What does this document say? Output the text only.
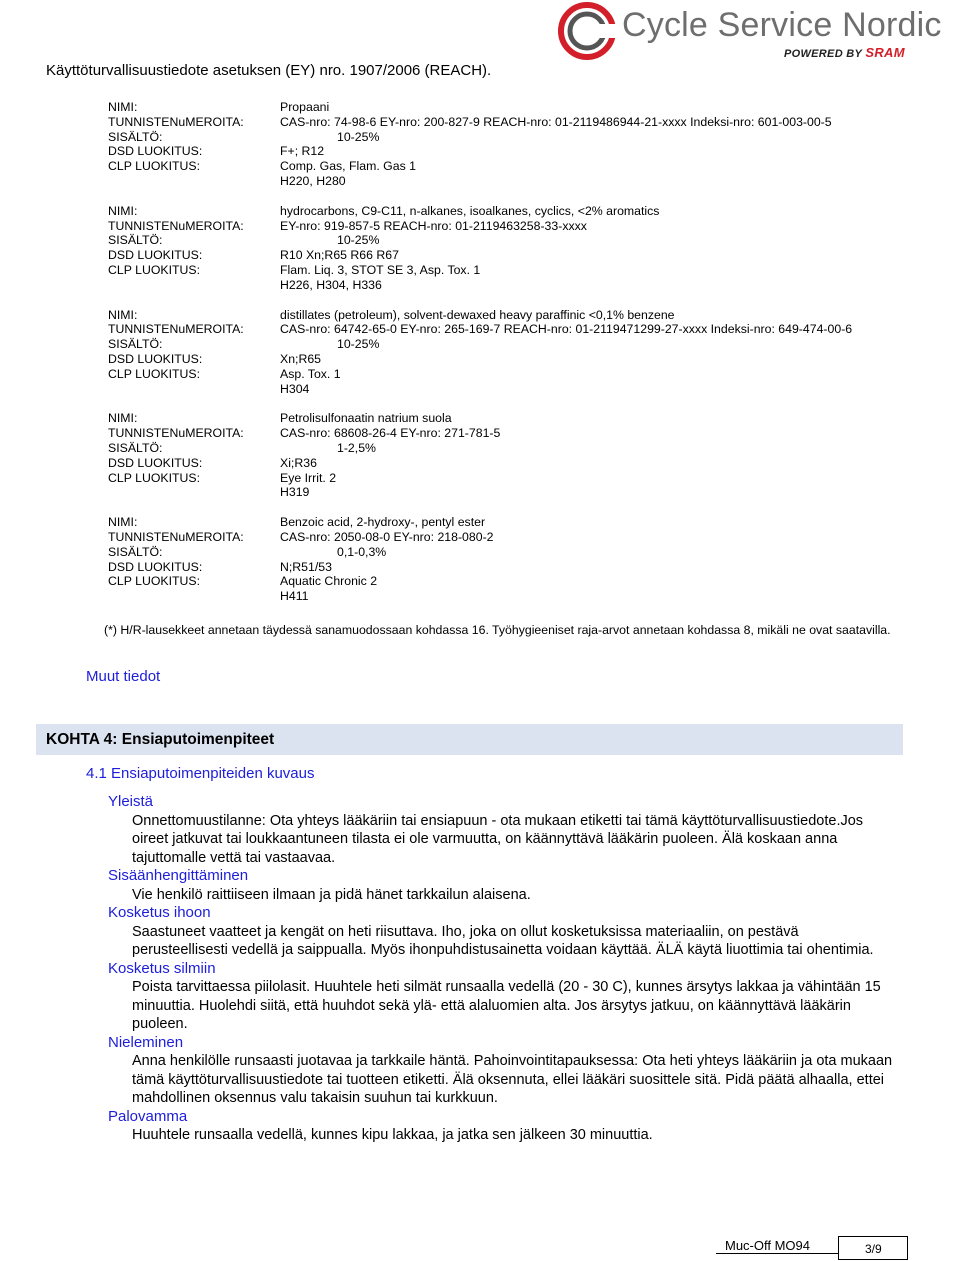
Käyttöturvallisuustiedote asetuksen (EY) nro. 1907/2006 (REACH).
Cycle Service Nordic
POWERED BY SRAM
NIMI:	Propaani
TUNNISTENuMEROITA:	CAS-nro: 74-98-6 EY-nro: 200-827-9 REACH-nro: 01-2119486944-21-xxxx Indeksi-nro: 601-003-00-5
SISÄLTÖ:	10-25%
DSD LUOKITUS:	F+; R12
CLP LUOKITUS:	Comp. Gas, Flam. Gas 1
H220, H280
NIMI:	hydrocarbons, C9-C11, n-alkanes, isoalkanes, cyclics, <2% aromatics
TUNNISTENuMEROITA:	EY-nro: 919-857-5 REACH-nro: 01-2119463258-33-xxxx
SISÄLTÖ:	10-25%
DSD LUOKITUS:	R10 Xn;R65 R66 R67
CLP LUOKITUS:	Flam. Liq. 3, STOT SE 3, Asp. Tox. 1
H226, H304, H336
NIMI:	distillates (petroleum), solvent-dewaxed heavy paraffinic <0,1% benzene
TUNNISTENuMEROITA:	CAS-nro: 64742-65-0 EY-nro: 265-169-7 REACH-nro: 01-2119471299-27-xxxx Indeksi-nro: 649-474-00-6
SISÄLTÖ:	10-25%
DSD LUOKITUS:	Xn;R65
CLP LUOKITUS:	Asp. Tox. 1
H304
NIMI:	Petrolisulfonaatin natrium suola
TUNNISTENuMEROITA:	CAS-nro: 68608-26-4 EY-nro: 271-781-5
SISÄLTÖ:	1-2,5%
DSD LUOKITUS:	Xi;R36
CLP LUOKITUS:	Eye Irrit. 2
H319
NIMI:	Benzoic acid, 2-hydroxy-, pentyl ester
TUNNISTENuMEROITA:	CAS-nro: 2050-08-0 EY-nro: 218-080-2
SISÄLTÖ:	0,1-0,3%
DSD LUOKITUS:	N;R51/53
CLP LUOKITUS:	Aquatic Chronic 2
H411
(*) H/R-lausekkeet annetaan täydessä sanamuodossaan kohdassa 16. Työhygieeniset raja-arvot annetaan kohdassa 8, mikäli ne ovat saatavilla.
Muut tiedot
KOHTA 4: Ensiaputoimenpiteet
4.1 Ensiaputoimenpiteiden kuvaus
Yleistä
Onnettomuustilanne: Ota yhteys lääkäriin tai ensiapuun - ota mukaan etiketti tai tämä käyttöturvallisuustiedote.Jos oireet jatkuvat tai loukkaantuneen tilasta ei ole varmuutta, on käännyttävä lääkärin puoleen. Älä koskaan anna tajuttomalle vettä tai vastaavaa.
Sisäänhengittäminen
Vie henkilö raittiiseen ilmaan ja pidä hänet tarkkailun alaisena.
Kosketus ihoon
Saastuneet vaatteet ja kengät on heti riisuttava. Iho, joka on ollut kosketuksissa materiaaliin, on pestävä perusteellisesti vedellä ja saippualla. Myös ihonpuhdistusainetta voidaan käyttää. ÄLÄ käytä liuottimia tai ohentimia.
Kosketus silmiin
Poista tarvittaessa piilolasit. Huuhtele heti silmät runsaalla vedellä (20 - 30 C), kunnes ärsytys lakkaa ja vähintään 15 minuuttia. Huolehdi siitä, että huuhdot sekä ylä- että alaluomien alta. Jos ärsytys jatkuu, on käännyttävä lääkärin puoleen.
Nieleminen
Anna henkilölle runsaasti juotavaa ja tarkkaile häntä. Pahoinvointitapauksessa: Ota heti yhteys lääkäriin ja ota mukaan tämä käyttöturvallisuustiedote tai tuotteen etiketti. Älä oksennuta, ellei lääkäri suosittele sitä. Pidä päätä alhaalla, ettei mahdollinen oksennus valu takaisin suuhun tai kurkkuun.
Palovamma
Huuhtele runsaalla vedellä, kunnes kipu lakkaa, ja jatka sen jälkeen 30 minuuttia.
Muc-Off MO94	3/9
